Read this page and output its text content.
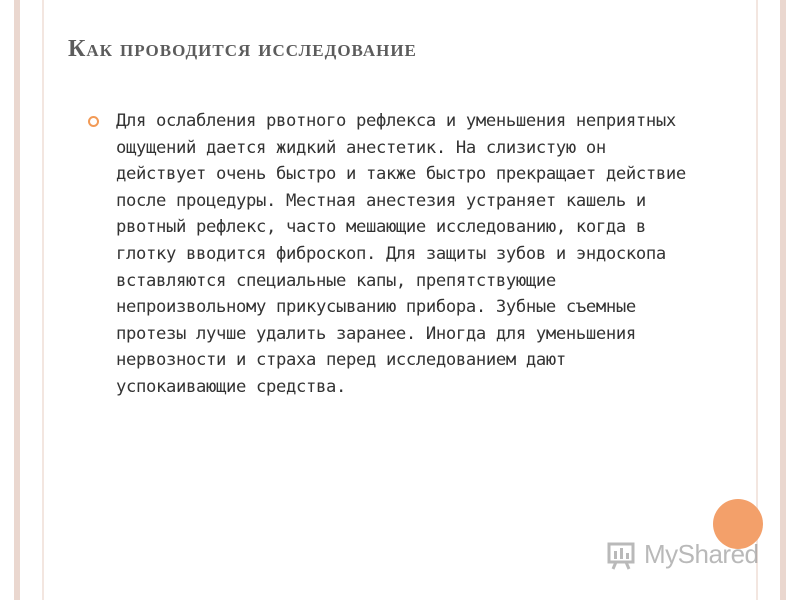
Как проводится исследование

Для ослабления рвотного рефлекса и уменьшения неприятных ощущений дается жидкий анестетик. На слизистую он действует очень быстро и также быстро прекращает действие после процедуры. Местная анестезия устраняет кашель и рвотный рефлекс, часто мешающие исследованию, когда в глотку вводится фиброскоп. Для защиты зубов и эндоскопа вставляются специальные капы, препятствующие непроизвольному прикусыванию прибора. Зубные съемные протезы лучше удалить заранее. Иногда для уменьшения нервозности и страха перед исследованием дают успокаивающие средства.

MyShared
